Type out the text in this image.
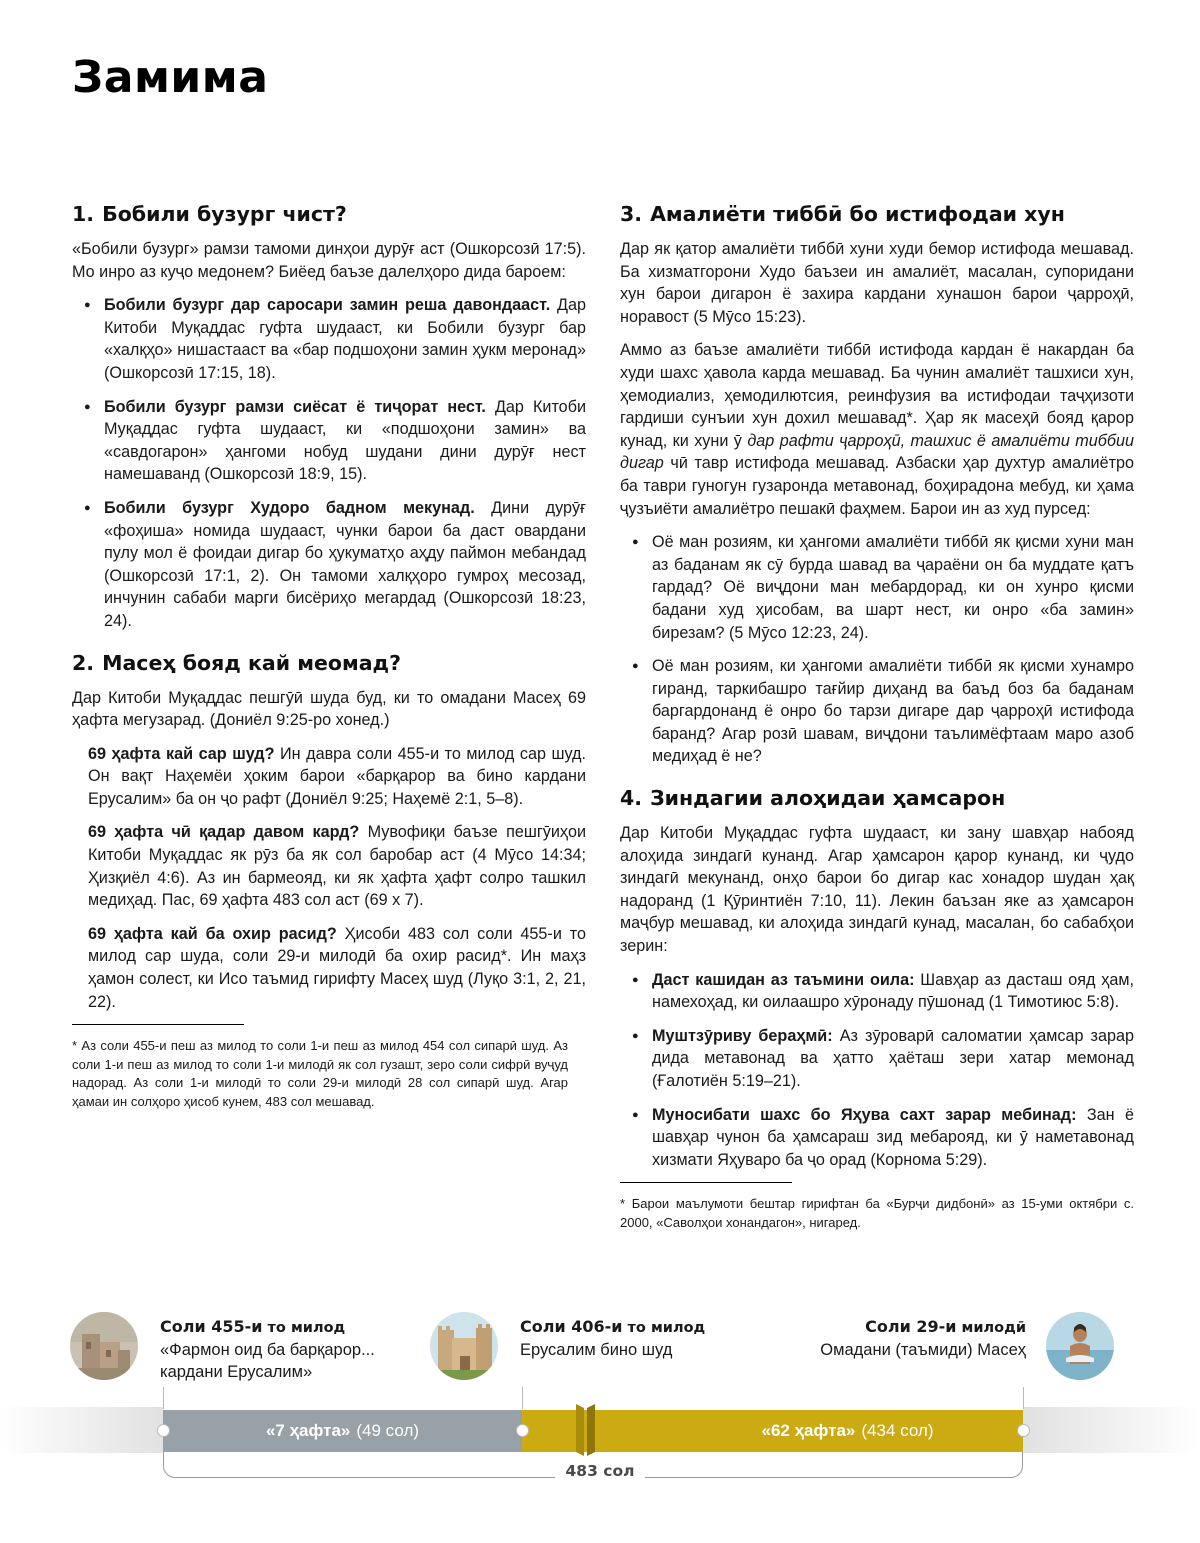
Замима
1. Бобили бузург чист?

«Бобили бузург» рамзи тамоми динҳои дурӯғ аст (Ошкорсозӣ 17:5). Мо инро аз куҷо медонем? Биёед баъзе далелҳоро дида бароем:

● Бобили бузург дар саросари замин реша давондааст. Дар Китоби Муқаддас гуфта шудааст, ки Бобили бузург бар «халқҳо» нишастааст ва «бар подшоҳони замин ҳукм меронад» (Ошкорсозӣ 17:15, 18).
● Бобили бузург рамзи сиёсат ё тиҷорат нест. Дар Китоби Муқаддас гуфта шудааст, ки «подшоҳони замин» ва «савдогарон» ҳангоми нобуд шудани дини дурӯғ нест намешаванд (Ошкорсозӣ 18:9, 15).
● Бобили бузург Худоро бадном мекунад. Дини дурӯғ «фоҳиша» номида шудааст, чунки барои ба даст овардани пулу мол ё фоидаи дигар бо ҳукуматҳо аҳду паймон мебандад (Ошкорсозӣ 17:1, 2). Он тамоми халқҳоро гумроҳ месозад, инчунин сабаби марги бисёриҳо мегардад (Ошкорсозӣ 18:23, 24).
2. Масеҳ бояд кай меомад?

Дар Китоби Муқаддас пешгӯӣ шуда буд, ки то омадани Масеҳ 69 ҳафта мегузарад. (Дониёл 9:25-ро хонед.)

69 ҳафта кай сар шуд? Ин давра соли 455-и то милод сар шуд. Он вақт Наҳемёи ҳоким барои «барқарор ва бино кардани Ерусалим» ба он ҷо рафт (Дониёл 9:25; Наҳемё 2:1, 5–8).
69 ҳафта чӣ қадар давом кард? Мувофиқи баъзе пешгӯиҳои Китоби Муқаддас як рӯз ба як сол баробар аст (4 Мӯсо 14:34; Ҳизқиёл 4:6). Аз ин бармеояд, ки як ҳафта ҳафт солро ташкил медиҳад. Пас, 69 ҳафта 483 сол аст (69 x 7).
69 ҳафта кай ба охир расид? Ҳисоби 483 сол соли 455-и то милод сар шуда, соли 29-и милодӣ ба охир расид*. Ин маҳз ҳамон солест, ки Исо таъмид гирифту Масеҳ шуд (Луқо 3:1, 2, 21, 22).

* Аз соли 455-и пеш аз милод то соли 1-и пеш аз милод 454 сол сипарӣ шуд. Аз соли 1-и пеш аз милод то соли 1-и милодӣ як сол гузашт, зеро соли сифрӣ вуҷуд надорад. Аз соли 1-и милодӣ то соли 29-и милодӣ 28 сол сипарӣ шуд. Агар ҳамаи ин солҳоро ҳисоб кунем, 483 сол мешавад.

3. Амалиёти тиббӣ бо истифодаи хун

Дар як қатор амалиёти тиббӣ хуни худи бемор истифода мешавад. Ба хизматгорони Худо баъзеи ин амалиёт, масалан, супоридани хун барои дигарон ё захира кардани хунашон барои ҷарроҳӣ, норавост (5 Мӯсо 15:23).

Аммо аз баъзе амалиёти тиббӣ истифода кардан ё накардан ба худи шахс ҳавола карда мешавад. Ба чунин амалиёт ташхиси хун, ҳемодиализ, ҳемодилютсия, реинфузия ва истифодаи таҷҳизоти гардиши сунъии хун дохил мешавад*. Ҳар як масеҳӣ бояд қарор кунад, ки хуни ӯ дар рафти ҷарроҳӣ, ташхис ё амалиёти тиббии дигар чӣ тавр истифода мешавад. Азбаски ҳар духтур амалиётро ба таври гуногун гузаронда метавонад, боҳирадона мебуд, ки ҳама ҷузъиёти амалиётро пешакӣ фаҳмем. Барои ин аз худ пурсед:

● Оё ман розиям, ки ҳангоми амалиёти тиббӣ як қисми хуни ман аз баданам як сӯ бурда шавад ва ҷараёни он ба муддате қатъ гардад? Оё виҷдони ман мебардорад, ки он хунро қисми бадани худ ҳисобам, ва шарт нест, ки онро «ба замин» бирезам? (5 Мӯсо 12:23, 24).
● Оё ман розиям, ки ҳангоми амалиёти тиббӣ як қисми хунамро гиранд, таркибашро тағйир диҳанд ва баъд боз ба баданам баргардонанд ё онро бо тарзи дигаре дар ҷарроҳӣ истифода баранд? Агар розӣ шавам, виҷдони таълимёфтаам маро азоб медиҳад ё не?
4. Зиндагии алоҳидаи ҳамсарон

Дар Китоби Муқаддас гуфта шудааст, ки зану шавҳар набояд алоҳида зиндагӣ кунанд. Агар ҳамсарон қарор кунанд, ки ҷудо зиндагӣ мекунанд, онҳо барои бо дигар кас хонадор шудан ҳақ надоранд (1 Қӯринтиён 7:10, 11). Лекин баъзан яке аз ҳамсарон маҷбур мешавад, ки алоҳида зиндагӣ кунад, масалан, бо сабабҳои зерин:

● Даст кашидан аз таъмини оила: Шавҳар аз дасташ ояд ҳам, намехоҳад, ки оилаашро хӯронаду пӯшонад (1 Тимотиюс 5:8).
● Муштзӯриву бераҳмӣ: Аз зӯроварӣ саломатии ҳамсар зарар дида метавонад ва ҳатто ҳаёташ зери хатар мемонад (Ғалотиён 5:19–21).
● Муносибати шахс бо Яҳува сахт зарар мебинад: Зан ё шавҳар чунон ба ҳамсараш зид мебарояд, ки ӯ наметавонад хизмати Яҳуваро ба ҷо орад (Корнома 5:29).

* Барои маълумоти бештар гирифтан ба «Бурҷи дидбонӣ» аз 15-уми октябри с. 2000, «Саволҳои хонандагон», нигаред.

Соли 455-и то милод
«Фармон оид ба барқарор... кардани Ерусалим»
Соли 406-и то милод
Ерусалим бино шуд
Соли 29-и милодӣ
Омадани (таъмиди) Масеҳ
«7 ҳафта» (49 сол)	«62 ҳафта» (434 сол)
483 сол
